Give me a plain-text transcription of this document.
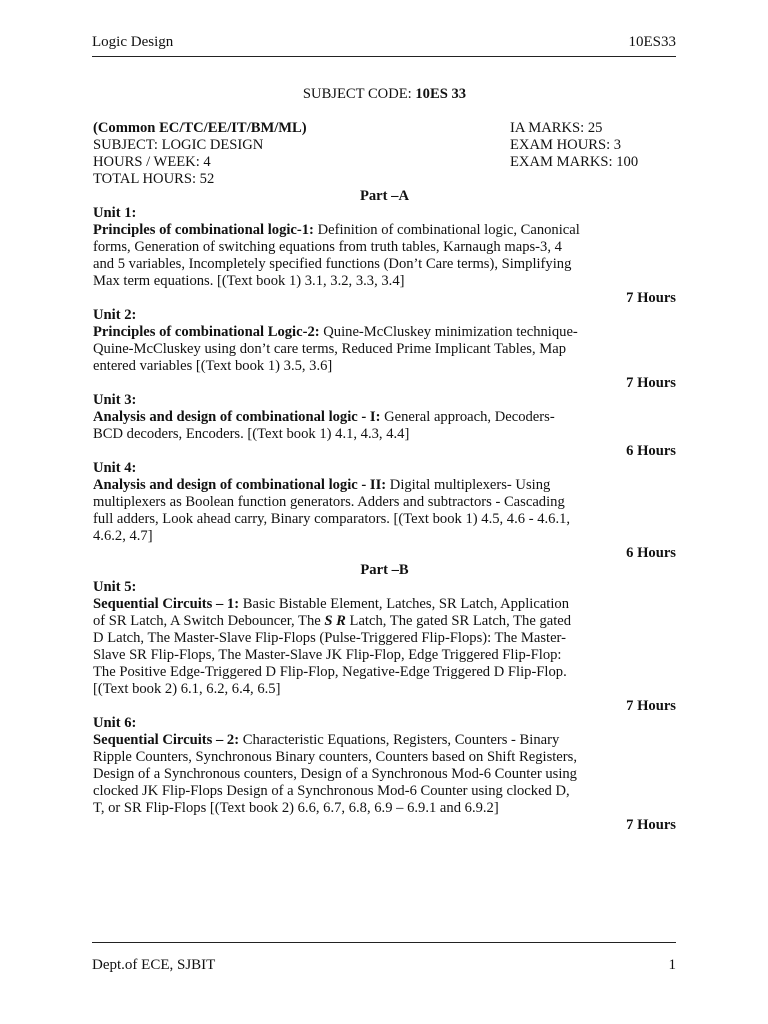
Logic Design	10ES33
SUBJECT CODE: 10ES 33
(Common EC/TC/EE/IT/BM/ML)
SUBJECT: LOGIC DESIGN
HOURS / WEEK: 4
TOTAL HOURS: 52
IA MARKS: 25
EXAM HOURS: 3
EXAM MARKS: 100
Part –A
Unit 1:

Principles of combinational logic-1: Definition of combinational logic, Canonical forms, Generation of switching equations from truth tables, Karnaugh maps-3, 4 and 5 variables, Incompletely specified functions (Don’t Care terms), Simplifying Max term equations. [(Text book 1) 3.1, 3.2, 3.3, 3.4]

7 Hours
Unit 2:

Principles of combinational Logic-2: Quine-McCluskey minimization technique- Quine-McCluskey using don’t care terms, Reduced Prime Implicant Tables, Map entered variables [(Text book 1) 3.5, 3.6]

7 Hours
Unit 3:

Analysis and design of combinational logic - I: General approach, Decoders-BCD decoders, Encoders. [(Text book 1) 4.1, 4.3, 4.4]

6 Hours
Unit 4:

Analysis and design of combinational logic - II: Digital multiplexers- Using multiplexers as Boolean function generators. Adders and subtractors - Cascading full adders, Look ahead carry, Binary comparators. [(Text book 1) 4.5, 4.6 - 4.6.1, 4.6.2, 4.7]

6 Hours
Part –B
Unit 5:

Sequential Circuits – 1: Basic Bistable Element, Latches, SR Latch, Application of SR Latch, A Switch Debouncer, The S R Latch, The gated SR Latch, The gated D Latch, The Master-Slave Flip-Flops (Pulse-Triggered Flip-Flops): The Master-Slave SR Flip-Flops, The Master-Slave JK Flip-Flop, Edge Triggered Flip-Flop: The Positive Edge-Triggered D Flip-Flop, Negative-Edge Triggered D Flip-Flop. [(Text book 2) 6.1, 6.2, 6.4, 6.5]

7 Hours
Unit 6:

Sequential Circuits – 2: Characteristic Equations, Registers, Counters - Binary Ripple Counters, Synchronous Binary counters, Counters based on Shift Registers, Design of a Synchronous counters, Design of a Synchronous Mod-6 Counter using clocked JK Flip-Flops Design of a Synchronous Mod-6 Counter using clocked D, T, or SR Flip-Flops [(Text book 2) 6.6, 6.7, 6.8, 6.9 – 6.9.1 and 6.9.2]

7 Hours
Dept.of ECE, SJBIT	1
